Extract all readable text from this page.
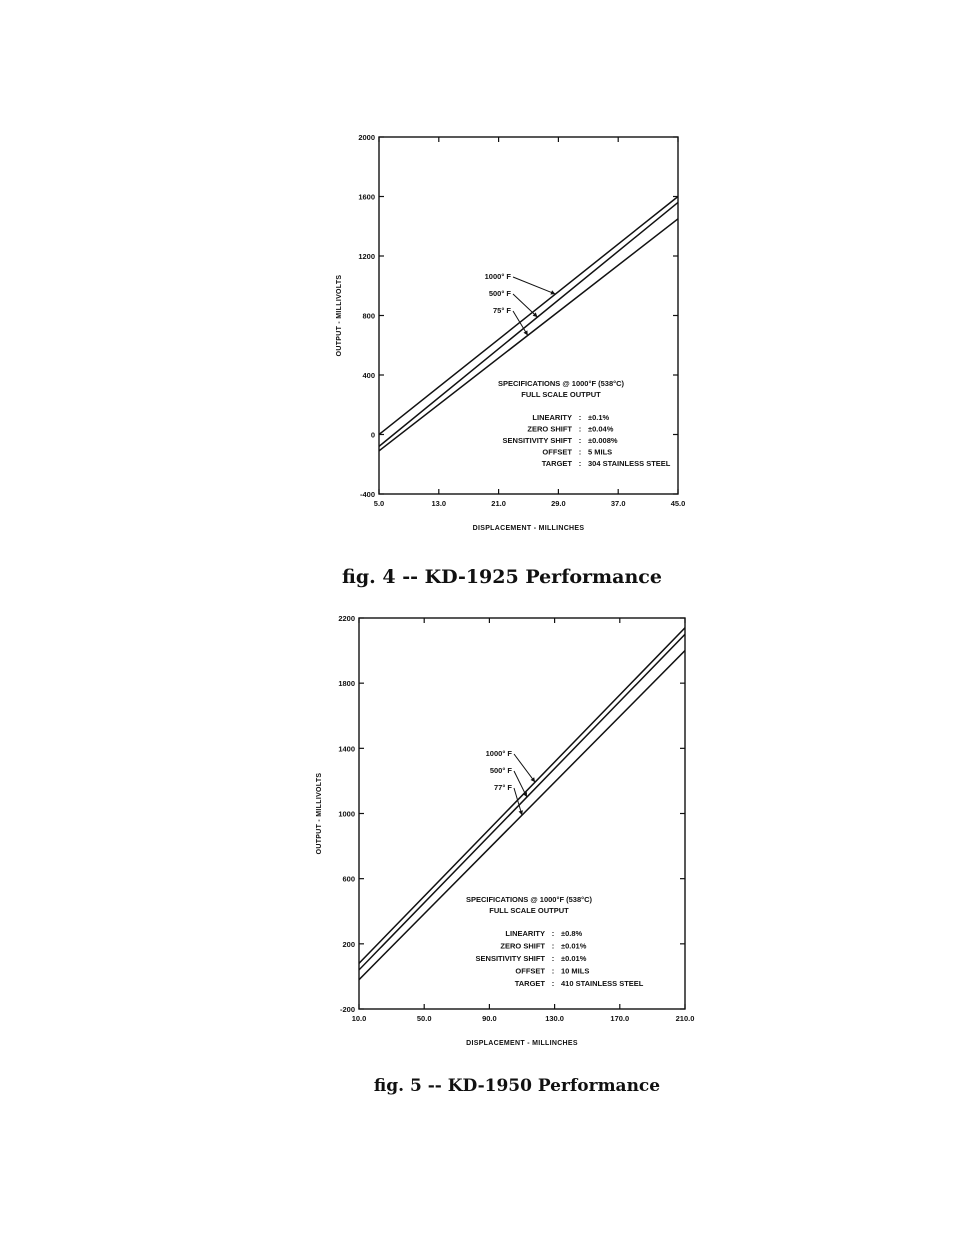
2000
1600
1200
800
400
0
-400
5.0	13.0	21.0	29.0	37.0	45.0
DISPLACEMENT - MILLINCHES
OUTPUT - MILLIVOLTS	1000° F
500° F
75° F
SPECIFICATIONS @ 1000°F (538°C)
FULL SCALE OUTPUT
LINEARITY : ±0.1%
ZERO SHIFT : ±0.04%
SENSITIVITY SHIFT : ±0.008%
OFFSET : 5 MILS
TARGET : 304 STAINLESS STEEL
fig. 4 -- KD-1925 Performance
2200
1800
1400
1000
600
200
-200
10.0	50.0	90.0	130.0	170.0	210.0
DISPLACEMENT - MILLINCHES
OUTPUT - MILLIVOLTS
1000° F
500° F
77° F
SPECIFICATIONS @ 1000°F (538°C)
FULL SCALE OUTPUT
LINEARITY : ±0.8%
ZERO SHIFT : ±0.01%
SENSITIVITY SHIFT : ±0.01%
OFFSET : 10 MILS
TARGET : 410 STAINLESS STEEL
fig. 5 -- KD-1950 Performance
